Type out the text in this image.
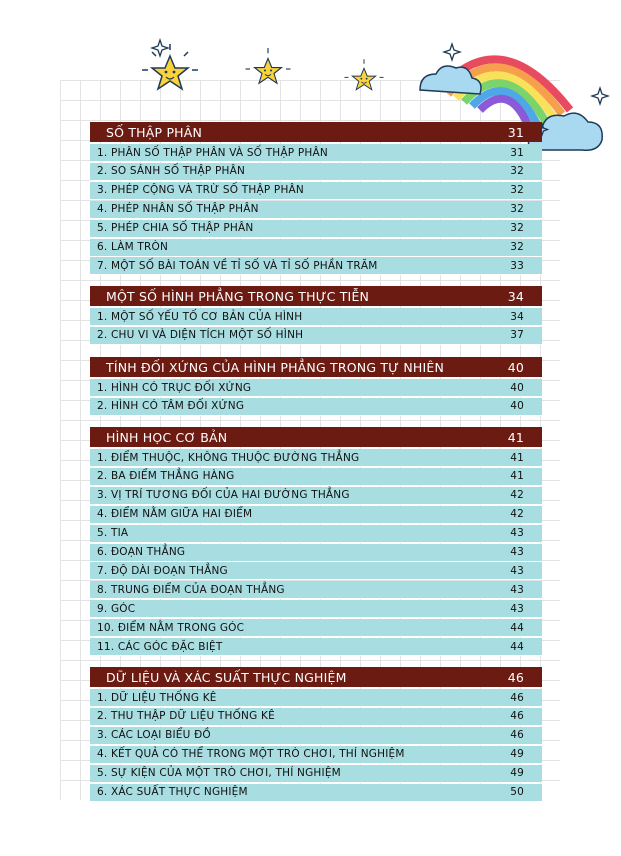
SỐ THẬP PHÂN	31
1. PHÂN SỐ THẬP PHÂN VÀ SỐ THẬP PHÂN	31
2. SO SÁNH SỐ THẬP PHÂN	32
3. PHÉP CỘNG VÀ TRỪ SỐ THẬP PHÂN	32
4. PHÉP NHÂN SỐ THẬP PHÂN	32
5. PHÉP CHIA SỐ THẬP PHÂN	32
6. LÀM TRÒN	32
7. MỘT SỐ BÀI TOÁN VỀ TỈ SỐ VÀ TỈ SỐ PHẦN TRĂM	33
MỘT SỐ HÌNH PHẲNG TRONG THỰC TIỄN	34
1. MỘT SỐ YẾU TỐ CƠ BẢN CỦA HÌNH	34
2. CHU VI VÀ DIỆN TÍCH MỘT SỐ HÌNH	37
TÍNH ĐỐI XỨNG CỦA HÌNH PHẲNG TRONG TỰ NHIÊN	40
1. HÌNH CÓ TRỤC ĐỐI XỨNG	40
2. HÌNH CÓ TÂM ĐỐI XỨNG	40
HÌNH HỌC CƠ BẢN	41
1. ĐIỂM THUỘC, KHÔNG THUỘC ĐƯỜNG THẲNG	41
2. BA ĐIỂM THẲNG HÀNG	41
3. VỊ TRÍ TƯƠNG ĐỐI CỦA HAI ĐƯỜNG THẲNG	42
4. ĐIỂM NẰM GIỮA HAI ĐIỂM	42
5. TIA	43
6. ĐOẠN THẲNG	43
7. ĐỘ DÀI ĐOẠN THẲNG	43
8. TRUNG ĐIỂM CỦA ĐOẠN THẲNG	43
9. GÓC	43
10. ĐIỂM NẰM TRONG GÓC	44
11. CÁC GÓC ĐẶC BIỆT	44
DỮ LIỆU VÀ XÁC SUẤT THỰC NGHIỆM	46
1. DỮ LIỆU THỐNG KÊ	46
2. THU THẬP DỮ LIỆU THỐNG KÊ	46
3. CÁC LOẠI BIỂU ĐỒ	46
4. KẾT QUẢ CÓ THỂ TRONG MỘT TRÒ CHƠI, THÍ NGHIỆM	49
5. SỰ KIỆN CỦA MỘT TRÒ CHƠI, THÍ NGHIỆM	49
6. XÁC SUẤT THỰC NGHIỆM	50
